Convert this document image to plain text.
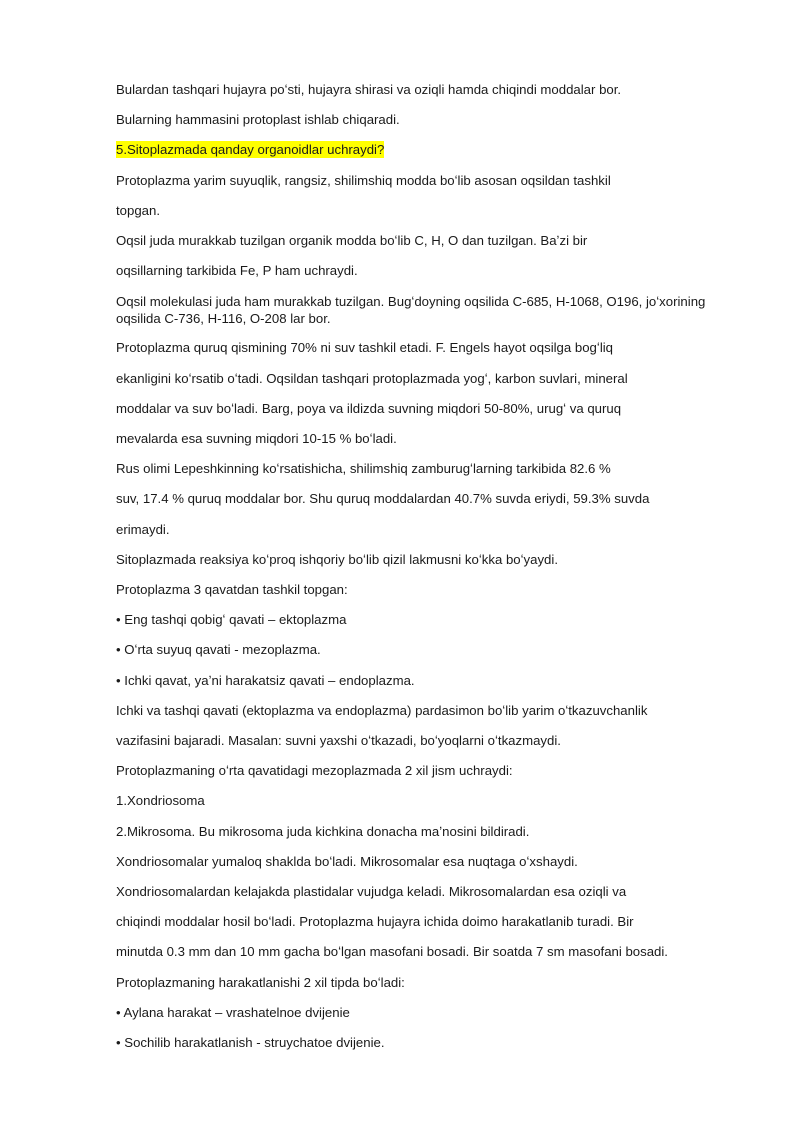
Bulardan tashqari hujayra poʻsti, hujayra shirasi va oziqli hamda chiqindi moddalar bor.
Bularning hammasini protoplast ishlab chiqaradi.
5.Sitoplazmada qanday organoidlar uchraydi?
Protoplazma yarim suyuqlik, rangsiz, shilimshiq modda boʻlib asosan oqsildan tashkil
topgan.
Oqsil juda murakkab tuzilgan organik modda boʻlib C, H, O dan tuzilgan. Baʼzi bir
oqsillarning tarkibida Fe, P ham uchraydi.
Oqsil molekulasi juda ham murakkab tuzilgan. Bugʻdoyning oqsilida C-685, H-1068, O196, joʻxorining oqsilida C-736, H-116, O-208 lar bor.
Protoplazma quruq qismining 70% ni suv tashkil etadi. F. Engels hayot oqsilga bogʻliq
ekanligini koʻrsatib oʻtadi. Oqsildan tashqari protoplazmada yogʻ, karbon suvlari, mineral
moddalar va suv boʻladi. Barg, poya va ildizda suvning miqdori 50-80%, urugʻ va quruq
mevalarda esa suvning miqdori 10-15 % boʻladi.
Rus olimi Lepeshkinning koʻrsatishicha, shilimshiq zamburugʻlarning tarkibida 82.6 %
suv, 17.4 % quruq moddalar bor. Shu quruq moddalardan 40.7% suvda eriydi, 59.3% suvda
erimaydi.
Sitoplazmada reaksiya koʻproq ishqoriy boʻlib qizil lakmusni koʻkka boʻyaydi.
Protoplazma 3 qavatdan tashkil topgan:
• Eng tashqi qobigʻ qavati – ektoplazma
• Oʻrta suyuq qavati - mezoplazma.
• Ichki qavat, yaʼni harakatsiz qavati – endoplazma.
Ichki va tashqi qavati (ektoplazma va endoplazma) pardasimon boʻlib yarim oʻtkazuvchanlik
vazifasini bajaradi. Masalan: suvni yaxshi oʻtkazadi, boʻyoqlarni oʻtkazmaydi.
Protoplazmaning oʻrta qavatidagi mezoplazmada 2 xil jism uchraydi:
1.Xondriosoma
2.Mikrosoma. Bu mikrosoma juda kichkina donacha maʼnosini bildiradi.
Xondriosomalar yumaloq shaklda boʻladi. Mikrosomalar esa nuqtaga oʻxshaydi.
Xondriosomalardan kelajakda plastidalar vujudga keladi. Mikrosomalardan esa oziqli va
chiqindi moddalar hosil boʻladi. Protoplazma hujayra ichida doimo harakatlanib turadi. Bir
minutda 0.3 mm dan 10 mm gacha boʻlgan masofani bosadi. Bir soatda 7 sm masofani bosadi.
Protoplazmaning harakatlanishi 2 xil tipda boʻladi:
• Aylana harakat – vrashatelnoe dvijenie
• Sochilib harakatlanish - struychatoe dvijenie.
